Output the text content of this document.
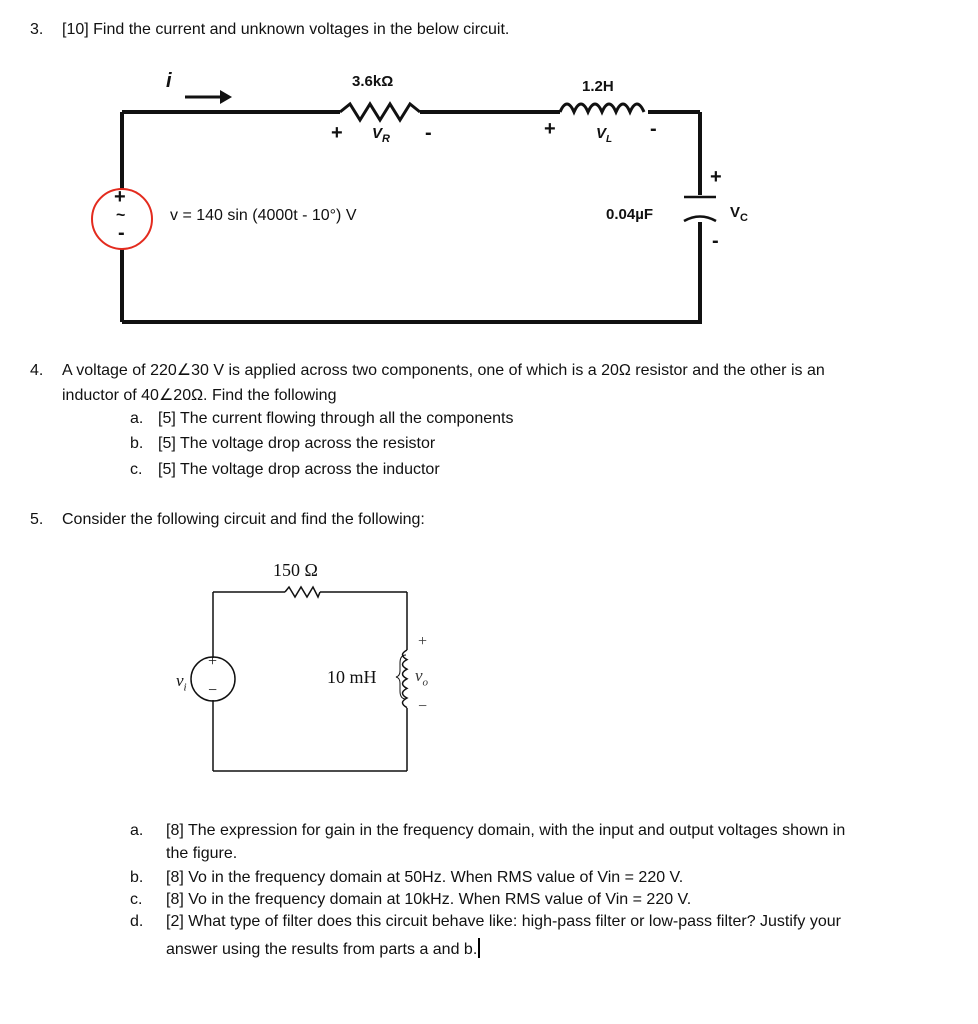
3. [10] Find the current and unknown voltages in the below circuit.
i	3.6kΩ	1.2H
+ $V_R$ -	+	$V_L$ -
+
~
-
v = 140 sin (4000t - 10°) V	0.04µF
+
$V_C$
-
4. A voltage of 220∠30 V is applied across two components, one of which is a 20Ω resistor and the other is an
inductor of 40∠20Ω. Find the following
a. [5] The current flowing through all the components
b. [5] The voltage drop across the resistor
c. [5] The voltage drop across the inductor
5. Consider the following circuit and find the following:
150 Ω
10 mH
+
−
$v_i$
+
$v_o$
−
a. [8] The expression for gain in the frequency domain, with the input and output voltages shown in
the figure.
b. [8] Vo in the frequency domain at 50Hz. When RMS value of Vin = 220 V.
c. [8] Vo in the frequency domain at 10kHz. When RMS value of Vin = 220 V.
d. [2] What type of filter does this circuit behave like: high-pass filter or low-pass filter? Justify your
answer using the results from parts a and b.
